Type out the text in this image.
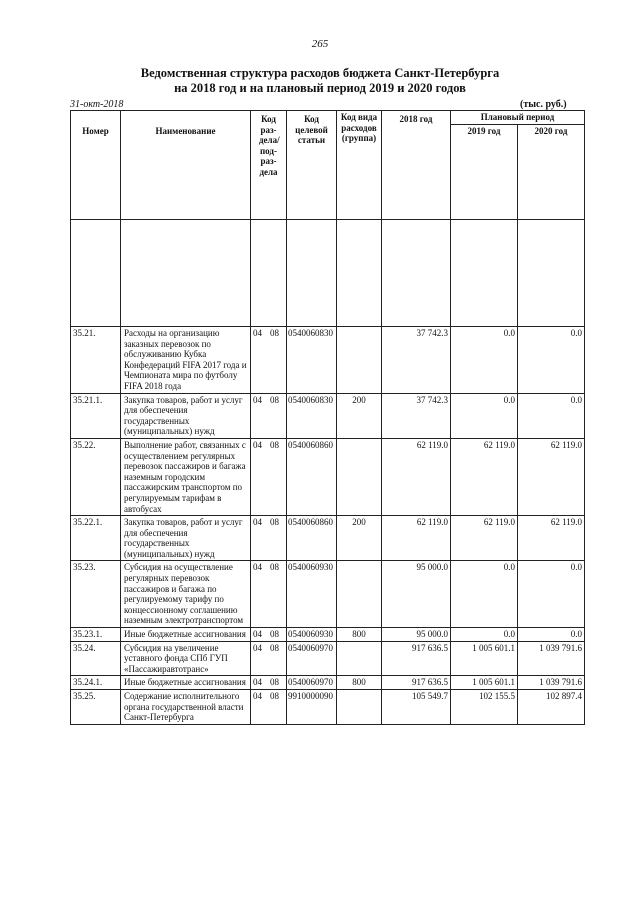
265
Ведомственная структура расходов бюджета Санкт-Петербурга
на 2018 год и на плановый период 2019 и 2020 годов
31-окт-2018	(тыс. руб.)
Номер	Наименование	Код раз-дела/ под-раз-дела	Код целевой статьи	Код вида расходов (группа)	2018 год	Плановый период	

						2019 год	2020 год

35.21.	Расходы на организацию заказных перевозок по обслуживанию Кубка Конфедераций FIFA 2017 года и Чемпионата мира по футболу FIFA 2018 года	04 08	0540060830		37 742.3	0.0	0.0
35.21.1.	Закупка товаров, работ и услуг для обеспечения государственных (муниципальных) нужд	04 08	0540060830	200	37 742.3	0.0	0.0
35.22.	Выполнение работ, связанных с осуществлением регулярных перевозок пассажиров и багажа наземным городским пассажирским транспортом по регулируемым тарифам в автобусах	04 08	0540060860		62 119.0	62 119.0	62 119.0
35.22.1.	Закупка товаров, работ и услуг для обеспечения государственных (муниципальных) нужд	04 08	0540060860	200	62 119.0	62 119.0	62 119.0
35.23.	Субсидия на осуществление регулярных перевозок пассажиров и багажа по регулируемому тарифу по концессионному соглашению наземным электротранспортом	04 08	0540060930		95 000.0	0.0	0.0
35.23.1.	Иные бюджетные ассигнования	04 08	0540060930	800	95 000.0	0.0	0.0
35.24.	Субсидия на увеличение уставного фонда СПб ГУП «Пассажиравтотранс»	04 08	0540060970		917 636.5	1 005 601.1	1 039 791.6
35.24.1.	Иные бюджетные ассигнования	04 08	0540060970	800	917 636.5	1 005 601.1	1 039 791.6
35.25.	Содержание исполнительного органа государственной власти Санкт-Петербурга	04 08	9910000090		105 549.7	102 155.5	102 897.4
